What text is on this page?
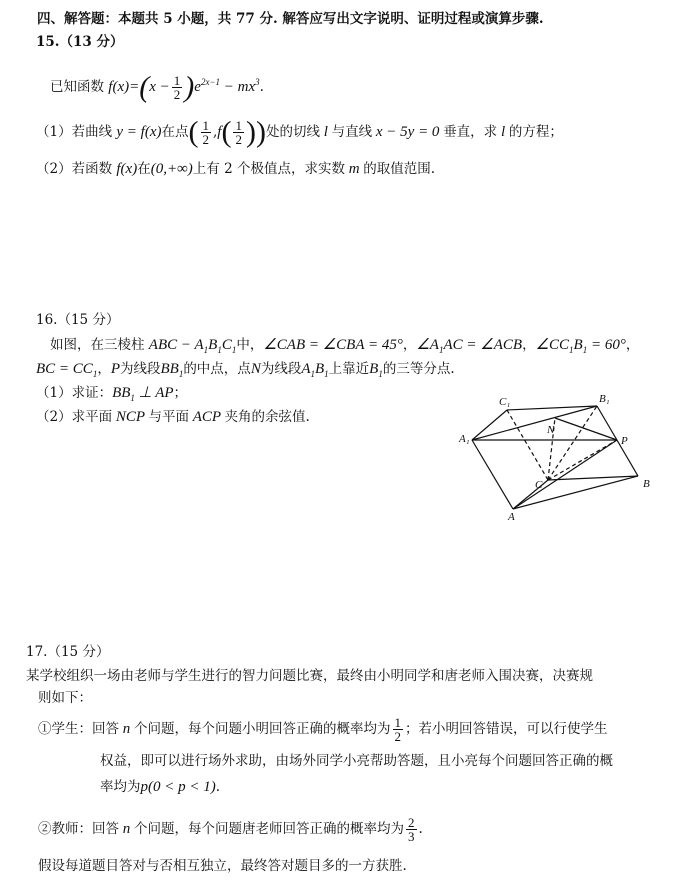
四、解答题：本题共 5 小题，共 77 分. 解答应写出文字说明、证明过程或演算步骤.
15.（13 分）
已知函数 $f(x)=(x - \frac{1}{2} )e^{2x-1} - mx^3$.
（1）若曲线 y = f(x)在点( $\frac{1}{2} ,f( \frac{1}{2}$ ))处的切线 l 与直线 x − 5y = 0 垂直，求 l 的方程；
（2）若函数 f(x)在(0,+∞)上有 2 个极值点，求实数 m 的取值范围.
16.（15 分）
如图，在三棱柱 ABC − $A_1B_1C_1$中，∠CAB = ∠CBA = 45°，$\angle A_1AC$ = ∠ACB，$\angle CC_1B_1 = 60^\circ$，
BC = $CC_1$，P为线段$BB_1$的中点，点N为线段$A_1B_1$上靠近$B_1$的三等分点.
（1）求证：$BB_1$ ⊥ AP；
（2）求平面 NCP 与平面 ACP 夹角的余弦值.
C₁	B₁
A₁
N
P
C	B
A
17.（15 分）
某学校组织一场由老师与学生进行的智力问题比赛，最终由小明同学和唐老师入围决赛，决赛规
则如下：
①学生：回答 n 个问题，每个问题小明回答正确的概率均为 $\frac{1}{2}$ ；若小明回答错误，可以行使学生
权益，即可以进行场外求助，由场外同学小亮帮助答题，且小亮每个问题回答正确的概
率均为p(0 < p < 1).
②教师：回答 n 个问题，每个问题唐老师回答正确的概率均为 $\frac{2}{3}$ .
假设每道题目答对与否相互独立，最终答对题目多的一方获胜.
